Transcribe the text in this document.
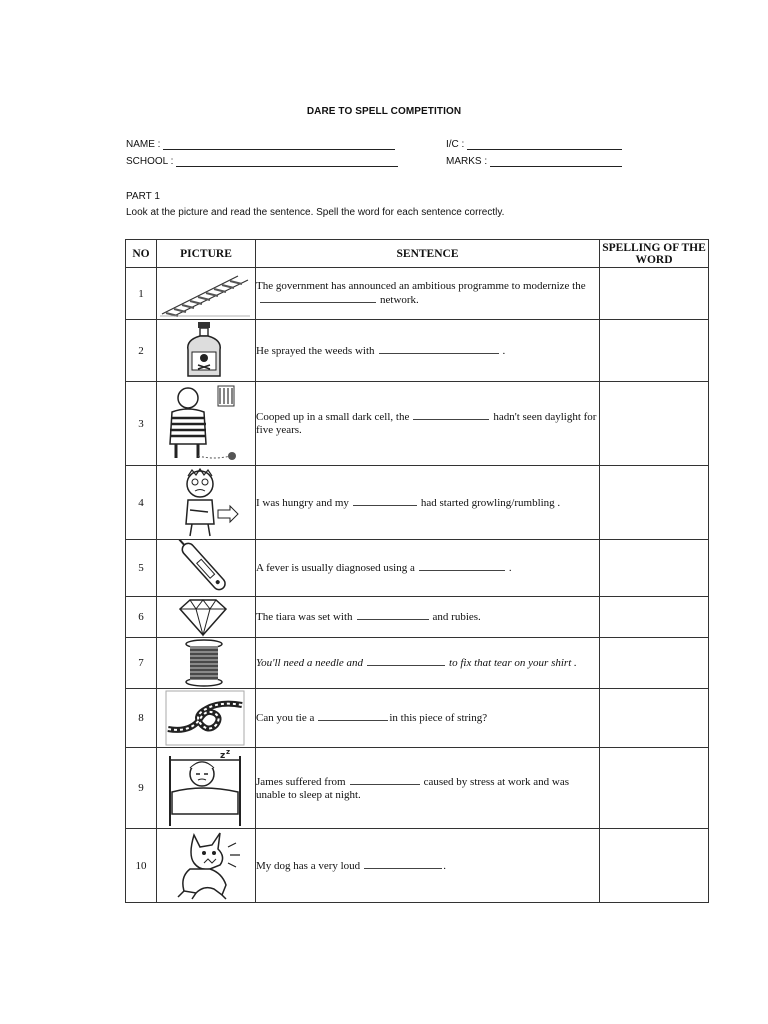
DARE TO SPELL COMPETITION
NAME :
SCHOOL :
I/C :
MARKS :
PART 1
Look at the picture and read the sentence. Spell the word for each sentence correctly.
NO	PICTURE	SENTENCE	SPELLING OF THE WORD
1		The government has announced an ambitious programme to modernize thenetwork.	
2		He sprayed the weeds with .	
3		Cooped up in a small dark cell, the hadn't seen daylight for five years.	
4		I was hungry and my had started growling/rumbling .	
5		A fever is usually diagnosed using a .	
6		The tiara was set with and rubies.	
7		You'll need a needle and to fix that tear on your shirt .	
8		Can you tie a in this piece of string?	
9	z z	James suffered from caused by stress at work and was unable to sleep at night.	
10		My dog has a very loud .	
